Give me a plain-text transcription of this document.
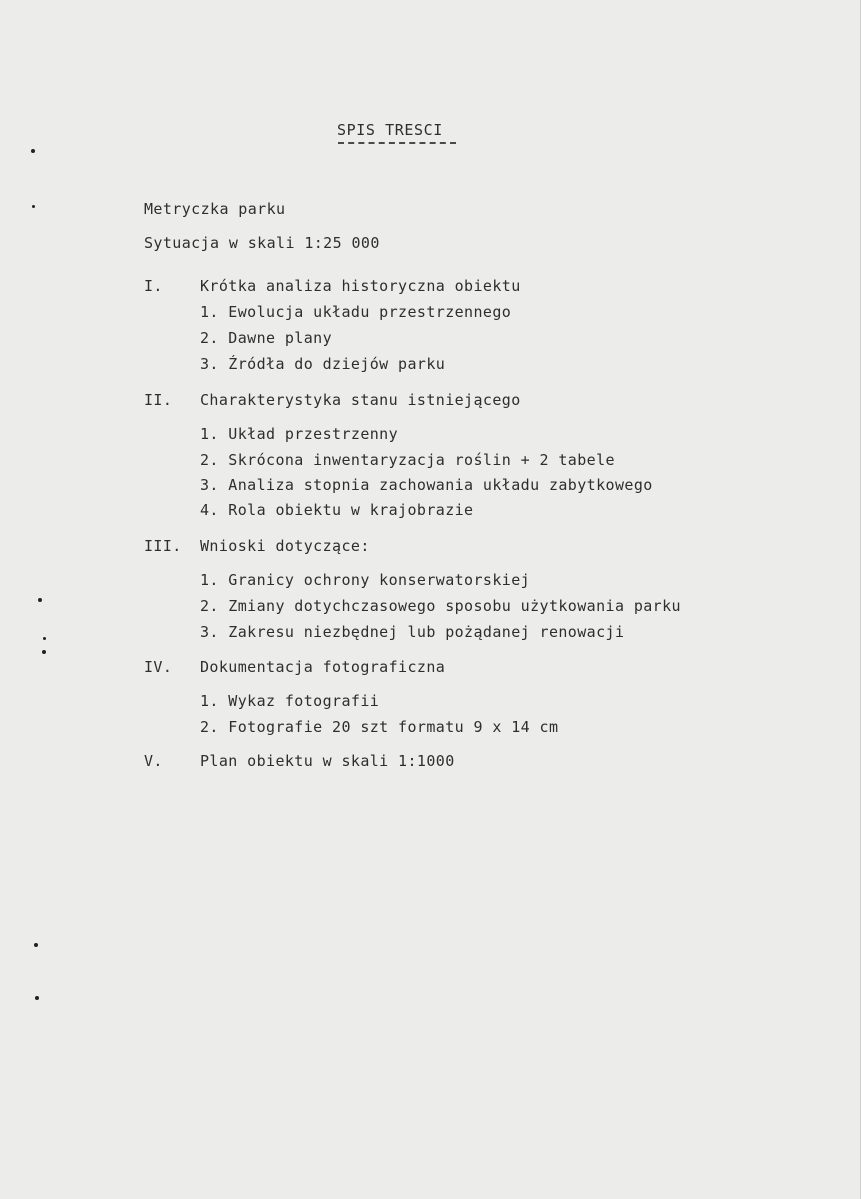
SPIS TRESCI
Metryczka parku
Sytuacja w skali 1:25 000
I.	Krótka analiza historyczna obiektu
1. Ewolucja układu przestrzennego
2. Dawne plany
3. Źródła do dziejów parku
II.	Charakterystyka stanu istniejącego
1. Układ przestrzenny
2. Skrócona inwentaryzacja roślin + 2 tabele
3. Analiza stopnia zachowania układu zabytkowego
4. Rola obiektu w krajobrazie
III.	Wnioski dotyczące:
1. Granicy ochrony konserwatorskiej
2. Zmiany dotychczasowego sposobu użytkowania parku
3. Zakresu niezbędnej lub pożądanej renowacji
IV.	Dokumentacja fotograficzna
1. Wykaz fotografii
2. Fotografie 20 szt formatu 9 x 14 cm
V.	Plan obiektu w skali 1:1000
